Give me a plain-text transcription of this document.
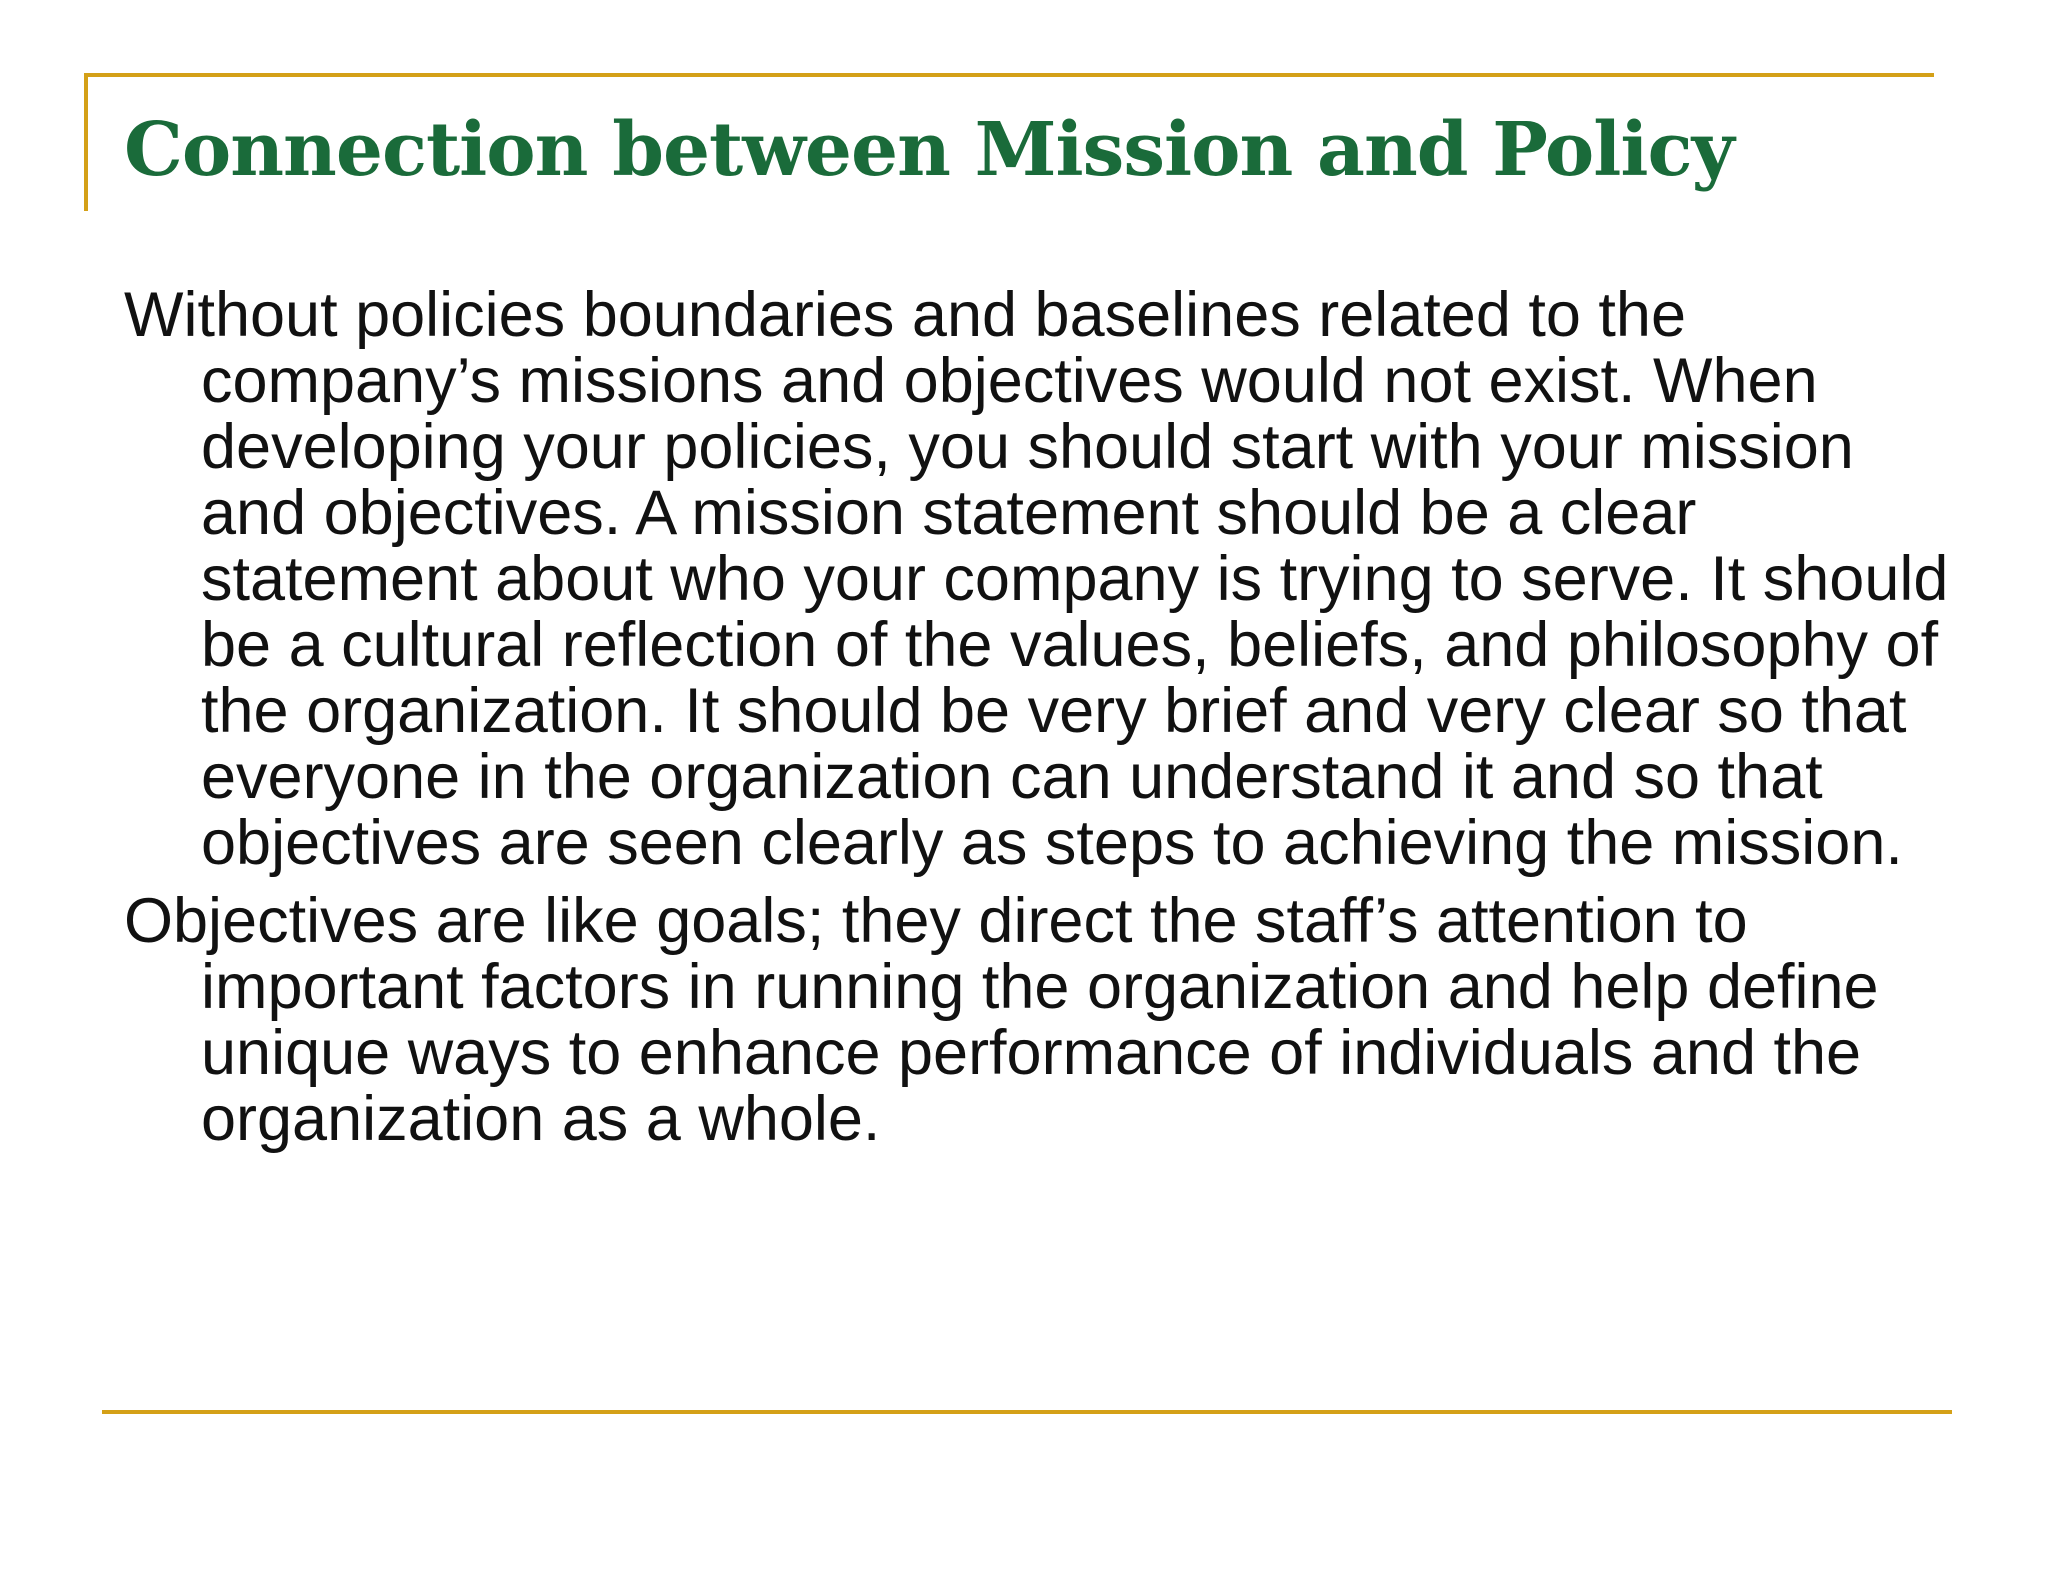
Connection between Mission and Policy

Without policies boundaries and baselines related to the company’s missions and objectives would not exist. When developing your policies, you should start with your mission and objectives. A mission statement should be a clear statement about who your company is trying to serve. It should be a cultural reflection of the values, beliefs, and philosophy of the organization. It should be very brief and very clear so that everyone in the organization can understand it and so that objectives are seen clearly as steps to achieving the mission.

Objectives are like goals; they direct the staff’s attention to important factors in running the organization and help define unique ways to enhance performance of individuals and the organization as a whole.
